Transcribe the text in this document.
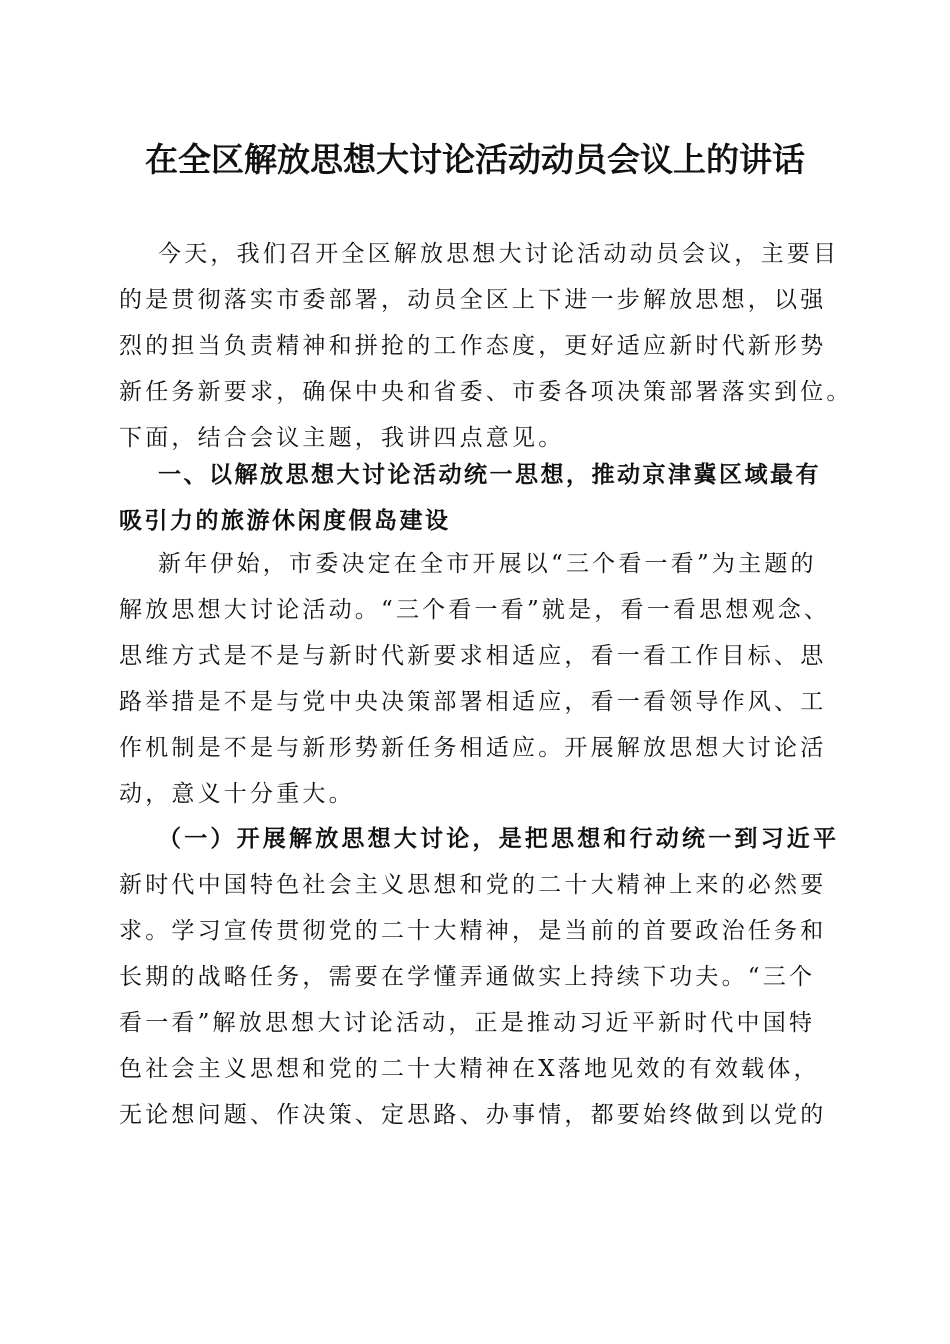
在全区解放思想大讨论活动动员会议上的讲话
今天，我们召开全区解放思想大讨论活动动员会议，主要目
的是贯彻落实市委部署，动员全区上下进一步解放思想，以强
烈的担当负责精神和拼抢的工作态度，更好适应新时代新形势
新任务新要求，确保中央和省委、市委各项决策部署落实到位。
下面，结合会议主题，我讲四点意见。
一、以解放思想大讨论活动统一思想，推动京津冀区域最有
吸引力的旅游休闲度假岛建设
新年伊始，市委决定在全市开展以“三个看一看”为主题的
解放思想大讨论活动。“三个看一看”就是，看一看思想观念、
思维方式是不是与新时代新要求相适应，看一看工作目标、思
路举措是不是与党中央决策部署相适应，看一看领导作风、工
作机制是不是与新形势新任务相适应。开展解放思想大讨论活
动，意义十分重大。
（一）开展解放思想大讨论，是把思想和行动统一到习近平
新时代中国特色社会主义思想和党的二十大精神上来的必然要
求。学习宣传贯彻党的二十大精神，是当前的首要政治任务和
长期的战略任务，需要在学懂弄通做实上持续下功夫。“三个
看一看”解放思想大讨论活动，正是推动习近平新时代中国特
色社会主义思想和党的二十大精神在X落地见效的有效载体，
无论想问题、作决策、定思路、办事情，都要始终做到以党的
